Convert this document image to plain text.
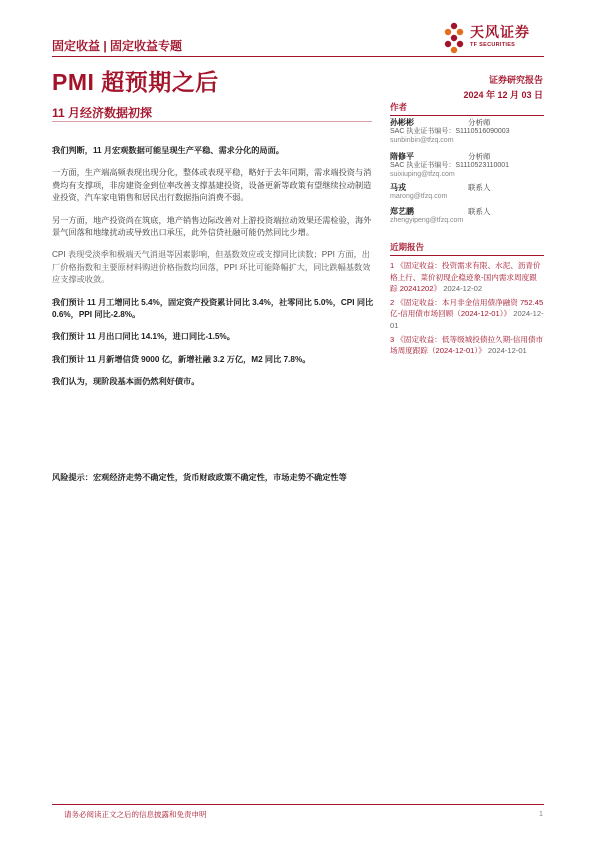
固定收益 | 固定收益专题
天风证券
TF SECURITIES
PMI 超预期之后	证券研究报告
2024 年 12 月 03 日
11 月经济数据初探

我们判断，11 月宏观数据可能呈现生产平稳、需求分化的局面。

一方面，生产端高频表现出现分化，整体或表现平稳，略好于去年同期，需求端投资与消费均有支撑项，非房建资金到位率改善支撑基建投资，设备更新等政策有望继续拉动制造业投资，汽车家电销售和居民出行数据指向消费不弱。

另一方面，地产投资尚在筑底，地产销售边际改善对上游投资端拉动效果还需检验，海外景气回落和地缘扰动或导致出口承压，此外信贷社融可能仍然同比少增。

CPI 表现受淡季和极端天气消退等因素影响，但基数效应或支撑同比读数；PPI 方面，出厂价格指数和主要原材料购进价格指数均回落，PPI 环比可能降幅扩大，同比跌幅基数效应支撑或收敛。

我们预计 11 月工增同比 5.4%，固定资产投资累计同比 3.4%，社零同比 5.0%，CPI 同比 0.6%，PPI 同比-2.8%。

我们预计 11 月出口同比 14.1%，进口同比-1.5%。

我们预计 11 月新增信贷 9000 亿，新增社融 3.2 万亿，M2 同比 7.8%。

我们认为，现阶段基本面仍然利好债市。

风险提示：宏观经济走势不确定性，货币财政政策不确定性，市场走势不确定性等
作者
孙彬彬	分析师
SAC 执业证书编号：S1110516090003
sunbinbin@tfzq.com
隋修平	分析师
SAC 执业证书编号：S1110523110001
suixiuping@tfzq.com
马戎	联系人
marong@tfzq.com
郑艺鹏	联系人
zhengyipeng@tfzq.com
近期报告
1 《固定收益：投资需求有限、水泥、沥青价格上行、菜价初现企稳迹象-国内需求周度跟踪 20241202》 2024-12-02
2 《固定收益：本月非金信用债净融资 752.45 亿-信用债市场回顾（2024-12-01）》 2024-12-01
3 《固定收益：低等级城投债拉久期-信用债市场周度跟踪（2024-12-01）》 2024-12-01
请务必阅读正文之后的信息披露和免责申明	1
